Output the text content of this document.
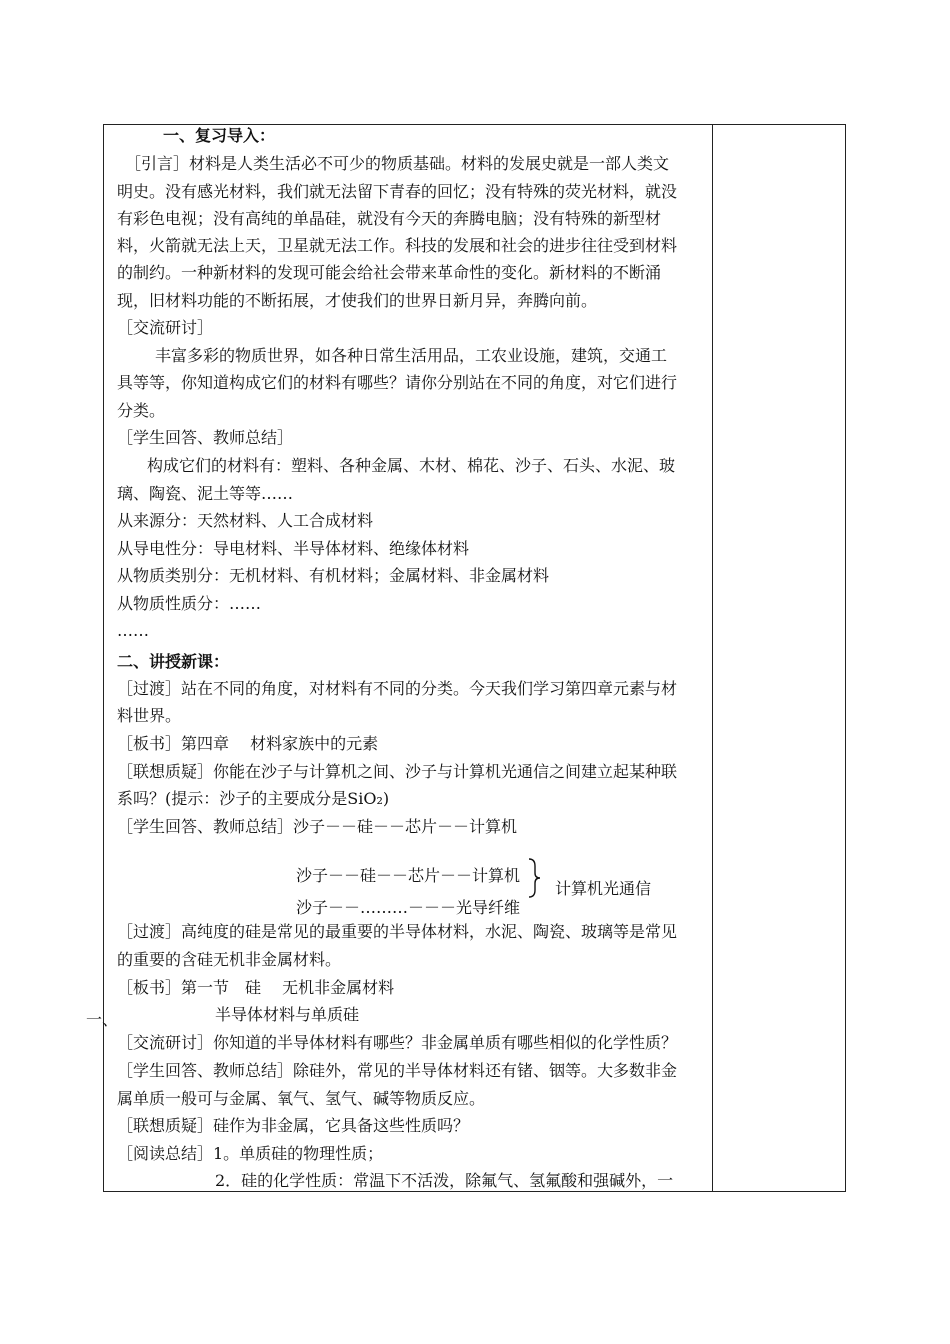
一、
一、复习导入：
［引言］材料是人类生活必不可少的物质基础。材料的发展史就是一部人类文
明史。没有感光材料，我们就无法留下青春的回忆；没有特殊的荧光材料，就没
有彩色电视；没有高纯的单晶硅，就没有今天的奔腾电脑；没有特殊的新型材
料，火箭就无法上天，卫星就无法工作。科技的发展和社会的进步往往受到材料
的制约。一种新材料的发现可能会给社会带来革命性的变化。新材料的不断涌
现，旧材料功能的不断拓展，才使我们的世界日新月异，奔腾向前。
［交流研讨］
丰富多彩的物质世界，如各种日常生活用品，工农业设施，建筑，交通工
具等等，你知道构成它们的材料有哪些？请你分别站在不同的角度，对它们进行
分类。
［学生回答、教师总结］
构成它们的材料有：塑料、各种金属、木材、棉花、沙子、石头、水泥、玻
璃、陶瓷、泥土等等……
从来源分：天然材料、人工合成材料
从导电性分：导电材料、半导体材料、绝缘体材料
从物质类别分：无机材料、有机材料；金属材料、非金属材料
从物质性质分：……
……
二、讲授新课：
［过渡］站在不同的角度，对材料有不同的分类。今天我们学习第四章元素与材
料世界。
［板书］第四章　 材料家族中的元素
［联想质疑］你能在沙子与计算机之间、沙子与计算机光通信之间建立起某种联
系吗？(提示：沙子的主要成分是SiO₂)
［学生回答、教师总结］沙子－－硅－－芯片－－计算机
沙子－－硅－－芯片－－计算机
计算机光通信
沙子－－………－－－光导纤维
［过渡］高纯度的硅是常见的最重要的半导体材料，水泥、陶瓷、玻璃等是常见
的重要的含硅无机非金属材料。
［板书］第一节　硅　 无机非金属材料
半导体材料与单质硅
［交流研讨］你知道的半导体材料有哪些？非金属单质有哪些相似的化学性质？
［学生回答、教师总结］除硅外，常见的半导体材料还有锗、铟等。大多数非金
属单质一般可与金属、氧气、氢气、碱等物质反应。
［联想质疑］硅作为非金属，它具备这些性质吗？
［阅读总结］1。单质硅的物理性质；
2．硅的化学性质：常温下不活泼，除氟气、氢氟酸和强碱外，一
